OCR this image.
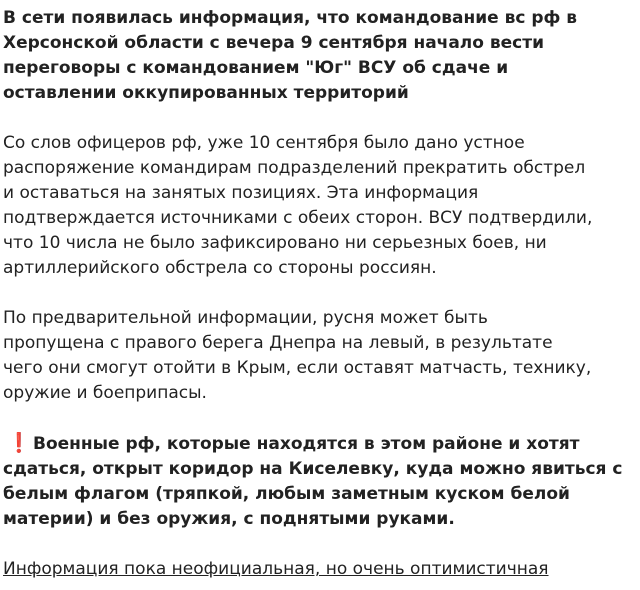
В сети появилась информация, что командование вс рф в
Херсонской области с вечера 9 сентября начало вести
переговоры с командованием "Юг" ВСУ об сдаче и
оставлении оккупированных территорий

Со слов офицеров рф, уже 10 сентября было дано устное
распоряжение командирам подразделений прекратить обстрел
и оставаться на занятых позициях. Эта информация
подтверждается источниками с обеих сторон. ВСУ подтвердили,
что 10 числа не было зафиксировано ни серьезных боев, ни
артиллерийского обстрела со стороны россиян.

По предварительной информации, русня может быть
пропущена с правого берега Днепра на левый, в результате
чего они смогут отойти в Крым, если оставят матчасть, технику,
оружие и боеприпасы.

❗ Военные рф, которые находятся в этом районе и хотят
сдаться, открыт коридор на Киселевку, куда можно явиться с
белым флагом (тряпкой, любым заметным куском белой
материи) и без оружия, с поднятыми руками.

Информация пока неофициальная, но очень оптимистичная
